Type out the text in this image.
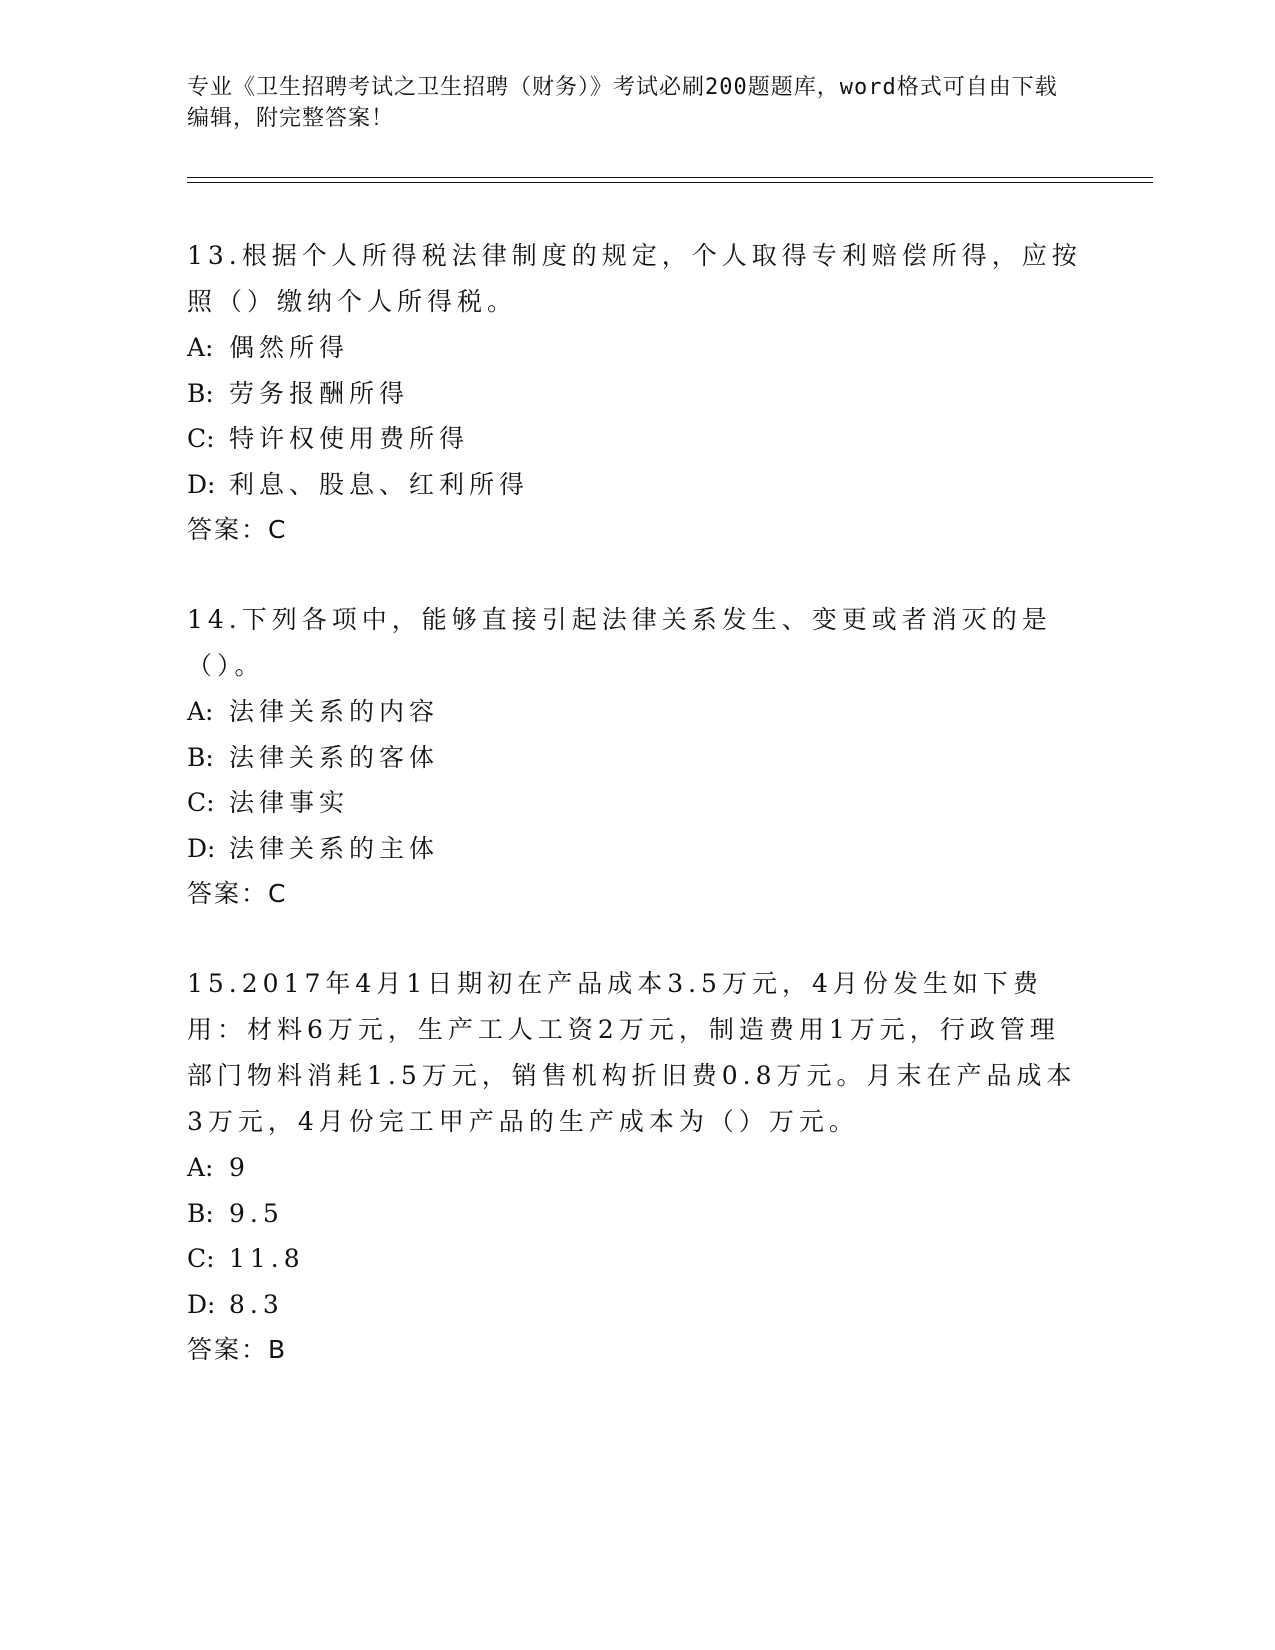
专业《卫生招聘考试之卫生招聘（财务）》考试必刷200题题库，word格式可自由下载编辑，附完整答案！

13.根据个人所得税法律制度的规定，个人取得专利赔偿所得，应按照（）缴纳个人所得税。

A: 偶然所得

B: 劳务报酬所得

C: 特许权使用费所得

D: 利息、股息、红利所得

答案：C

14.下列各项中，能够直接引起法律关系发生、变更或者消灭的是（）。

A: 法律关系的内容

B: 法律关系的客体

C: 法律事实

D: 法律关系的主体

答案：C

15.2017年4月1日期初在产品成本3.5万元，4月份发生如下费用：材料6万元，生产工人工资2万元，制造费用1万元，行政管理部门物料消耗1.5万元，销售机构折旧费0.8万元。月末在产品成本3万元，4月份完工甲产品的生产成本为（）万元。

A: 9

B: 9.5

C: 11.8

D: 8.3

答案：B
